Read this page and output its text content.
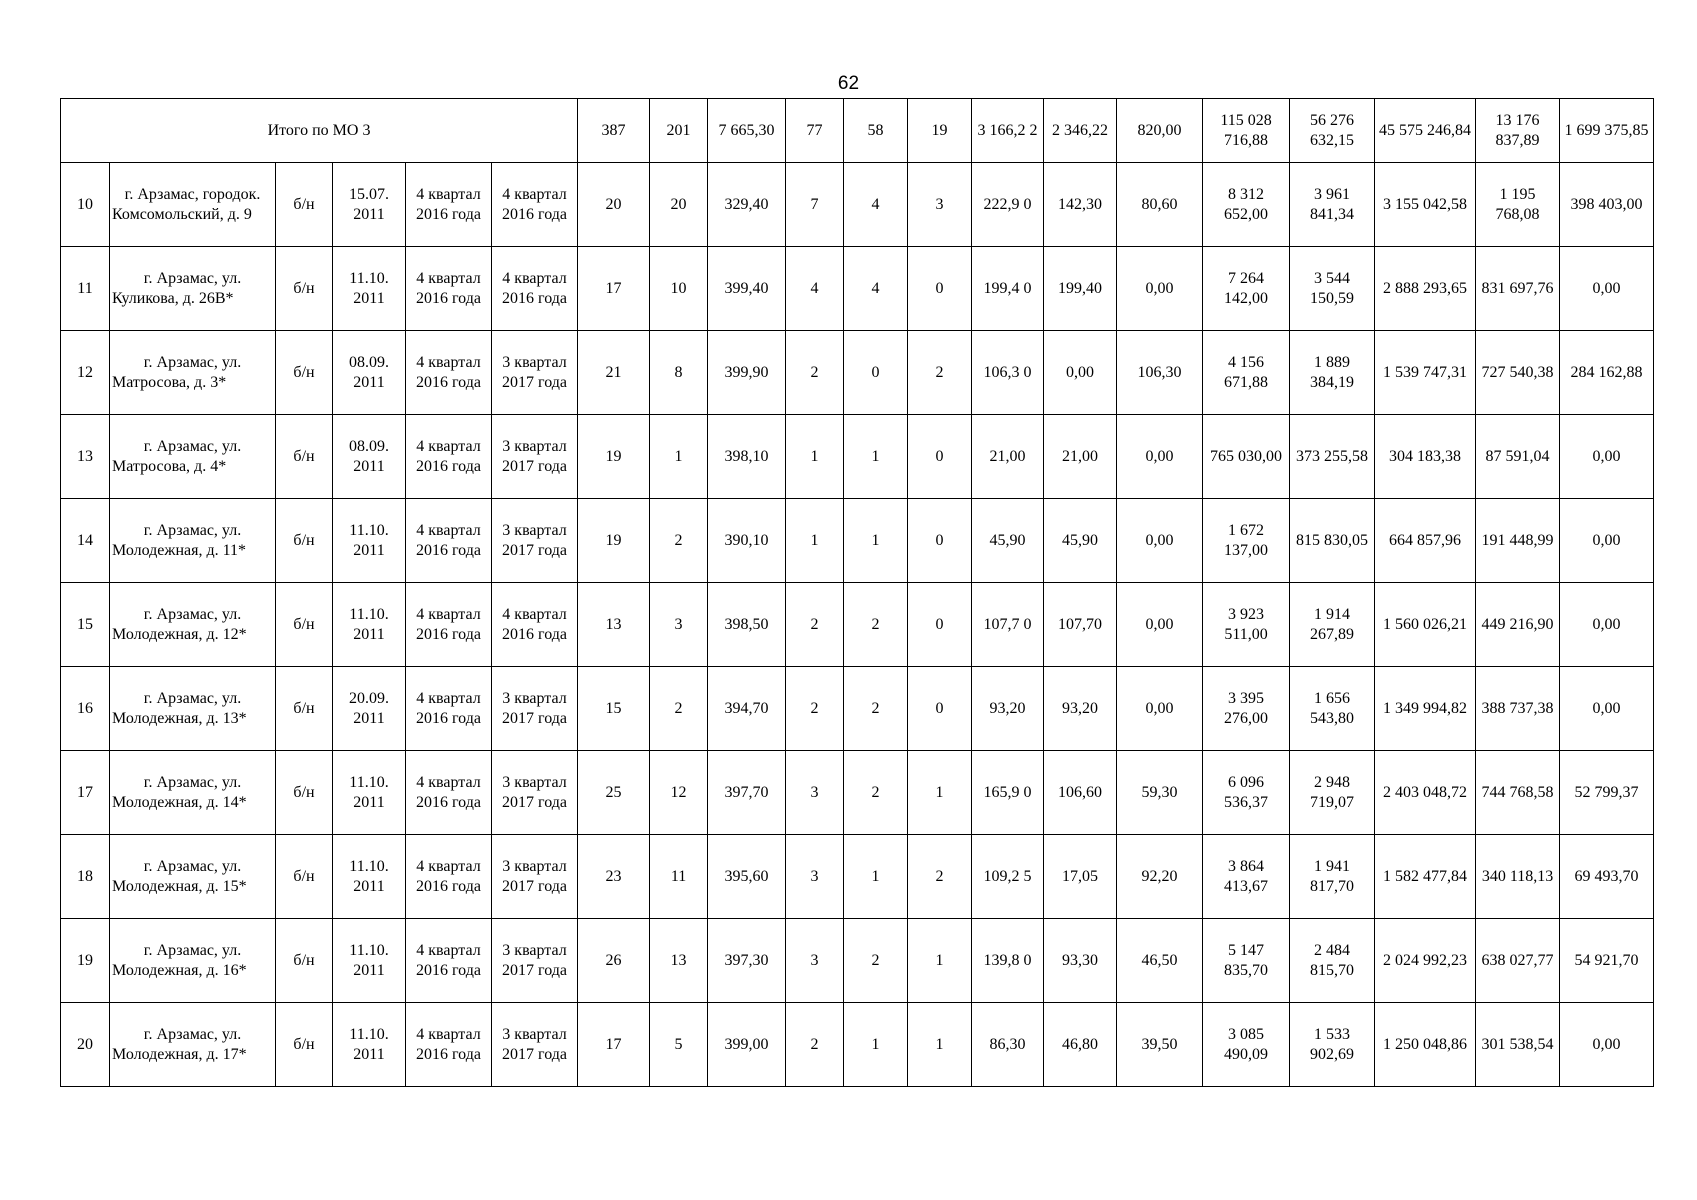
62
Итого по МО 3						387	201	7 665,30	77	58	19	3 166,2 2	2 346,22	820,00	115 028 716,88	56 276 632,15	45 575 246,84	13 176 837,89	1 699 375,85
10	г. Арзамас, городок. Комсомольский, д. 9	б/н	15.07. 2011	4 квартал 2016 года	4 квартал 2016 года	20	20	329,40	7	4	3	222,9 0	142,30	80,60	8 312 652,00	3 961 841,34	3 155 042,58	1 195 768,08	398 403,00
11	г. Арзамас, ул. Куликова, д. 26В*	б/н	11.10. 2011	4 квартал 2016 года	4 квартал 2016 года	17	10	399,40	4	4	0	199,4 0	199,40	0,00	7 264 142,00	3 544 150,59	2 888 293,65	831 697,76	0,00
12	г. Арзамас, ул. Матросова, д. 3*	б/н	08.09. 2011	4 квартал 2016 года	3 квартал 2017 года	21	8	399,90	2	0	2	106,3 0	0,00	106,30	4 156 671,88	1 889 384,19	1 539 747,31	727 540,38	284 162,88
13	г. Арзамас, ул. Матросова, д. 4*	б/н	08.09. 2011	4 квартал 2016 года	3 квартал 2017 года	19	1	398,10	1	1	0	21,00	21,00	0,00	765 030,00	373 255,58	304 183,38	87 591,04	0,00
14	г. Арзамас, ул. Молодежная, д. 11*	б/н	11.10. 2011	4 квартал 2016 года	3 квартал 2017 года	19	2	390,10	1	1	0	45,90	45,90	0,00	1 672 137,00	815 830,05	664 857,96	191 448,99	0,00
15	г. Арзамас, ул. Молодежная, д. 12*	б/н	11.10. 2011	4 квартал 2016 года	4 квартал 2016 года	13	3	398,50	2	2	0	107,7 0	107,70	0,00	3 923 511,00	1 914 267,89	1 560 026,21	449 216,90	0,00
16	г. Арзамас, ул. Молодежная, д. 13*	б/н	20.09. 2011	4 квартал 2016 года	3 квартал 2017 года	15	2	394,70	2	2	0	93,20	93,20	0,00	3 395 276,00	1 656 543,80	1 349 994,82	388 737,38	0,00
17	г. Арзамас, ул. Молодежная, д. 14*	б/н	11.10. 2011	4 квартал 2016 года	3 квартал 2017 года	25	12	397,70	3	2	1	165,9 0	106,60	59,30	6 096 536,37	2 948 719,07	2 403 048,72	744 768,58	52 799,37
18	г. Арзамас, ул. Молодежная, д. 15*	б/н	11.10. 2011	4 квартал 2016 года	3 квартал 2017 года	23	11	395,60	3	1	2	109,2 5	17,05	92,20	3 864 413,67	1 941 817,70	1 582 477,84	340 118,13	69 493,70
19	г. Арзамас, ул. Молодежная, д. 16*	б/н	11.10. 2011	4 квартал 2016 года	3 квартал 2017 года	26	13	397,30	3	2	1	139,8 0	93,30	46,50	5 147 835,70	2 484 815,70	2 024 992,23	638 027,77	54 921,70
20	г. Арзамас, ул. Молодежная, д. 17*	б/н	11.10. 2011	4 квартал 2016 года	3 квартал 2017 года	17	5	399,00	2	1	1	86,30	46,80	39,50	3 085 490,09	1 533 902,69	1 250 048,86	301 538,54	0,00
